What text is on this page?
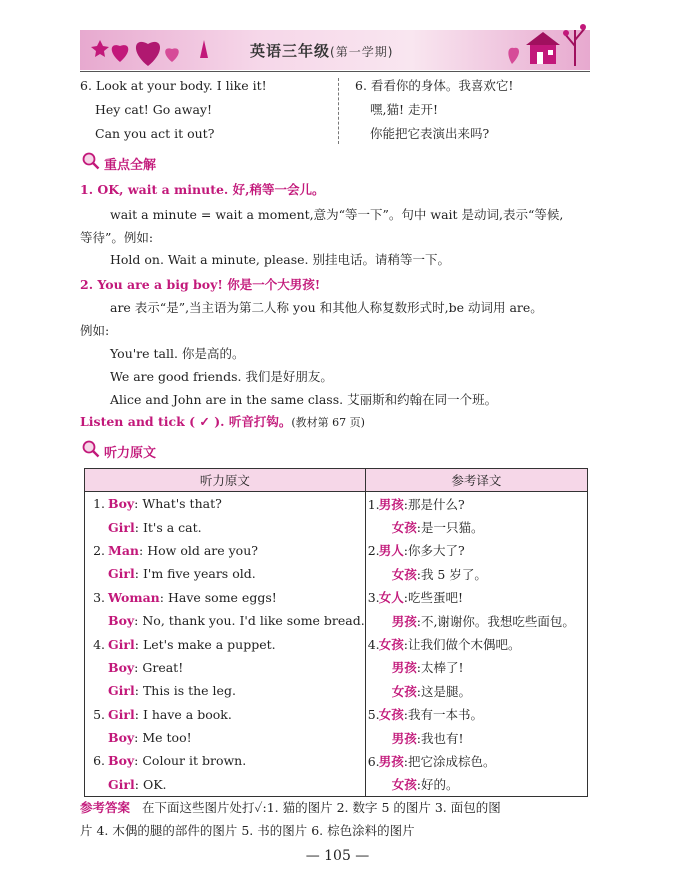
英语三年级(第一学期)
6. Look at your body. I like it!
Hey cat! Go away!
Can you act it out?
6. 看看你的身体。我喜欢它!
嘿,猫! 走开!
你能把它表演出来吗?
重点全解
1. OK, wait a minute. 好,稍等一会儿。
wait a minute = wait a moment,意为“等一下”。句中 wait 是动词,表示“等候,
等待”。例如:
Hold on. Wait a minute, please. 别挂电话。请稍等一下。
2. You are a big boy! 你是一个大男孩!
are 表示“是”,当主语为第二人称 you 和其他人称复数形式时,be 动词用 are。
例如:
You're tall. 你是高的。
We are good friends. 我们是好朋友。
Alice and John are in the same class. 艾丽斯和约翰在同一个班。
Listen and tick ( ✓ ). 听音打钩。(教材第 67 页)
听力原文
听力原文	参考译文
1. Boy: What's that?	1.男孩:那是什么?
Girl: It's a cat.	女孩:是一只猫。
2. Man: How old are you?	2.男人:你多大了?
Girl: I'm five years old.	女孩:我 5 岁了。
3. Woman: Have some eggs!	3.女人:吃些蛋吧!
Boy: No, thank you. I'd like some bread.	男孩:不,谢谢你。我想吃些面包。
4. Girl: Let's make a puppet.	4.女孩:让我们做个木偶吧。
Boy: Great!	男孩:太棒了!
Girl: This is the leg.	女孩:这是腿。
5. Girl: I have a book.	5.女孩:我有一本书。
Boy: Me too!	男孩:我也有!
6. Boy: Colour it brown.	6.男孩:把它涂成棕色。
Girl: OK.	女孩:好的。
参考答案 在下面这些图片处打✓:1. 猫的图片 2. 数字 5 的图片 3. 面包的图
片 4. 木偶的腿的部件的图片 5. 书的图片 6. 棕色涂料的图片
— 105 —
